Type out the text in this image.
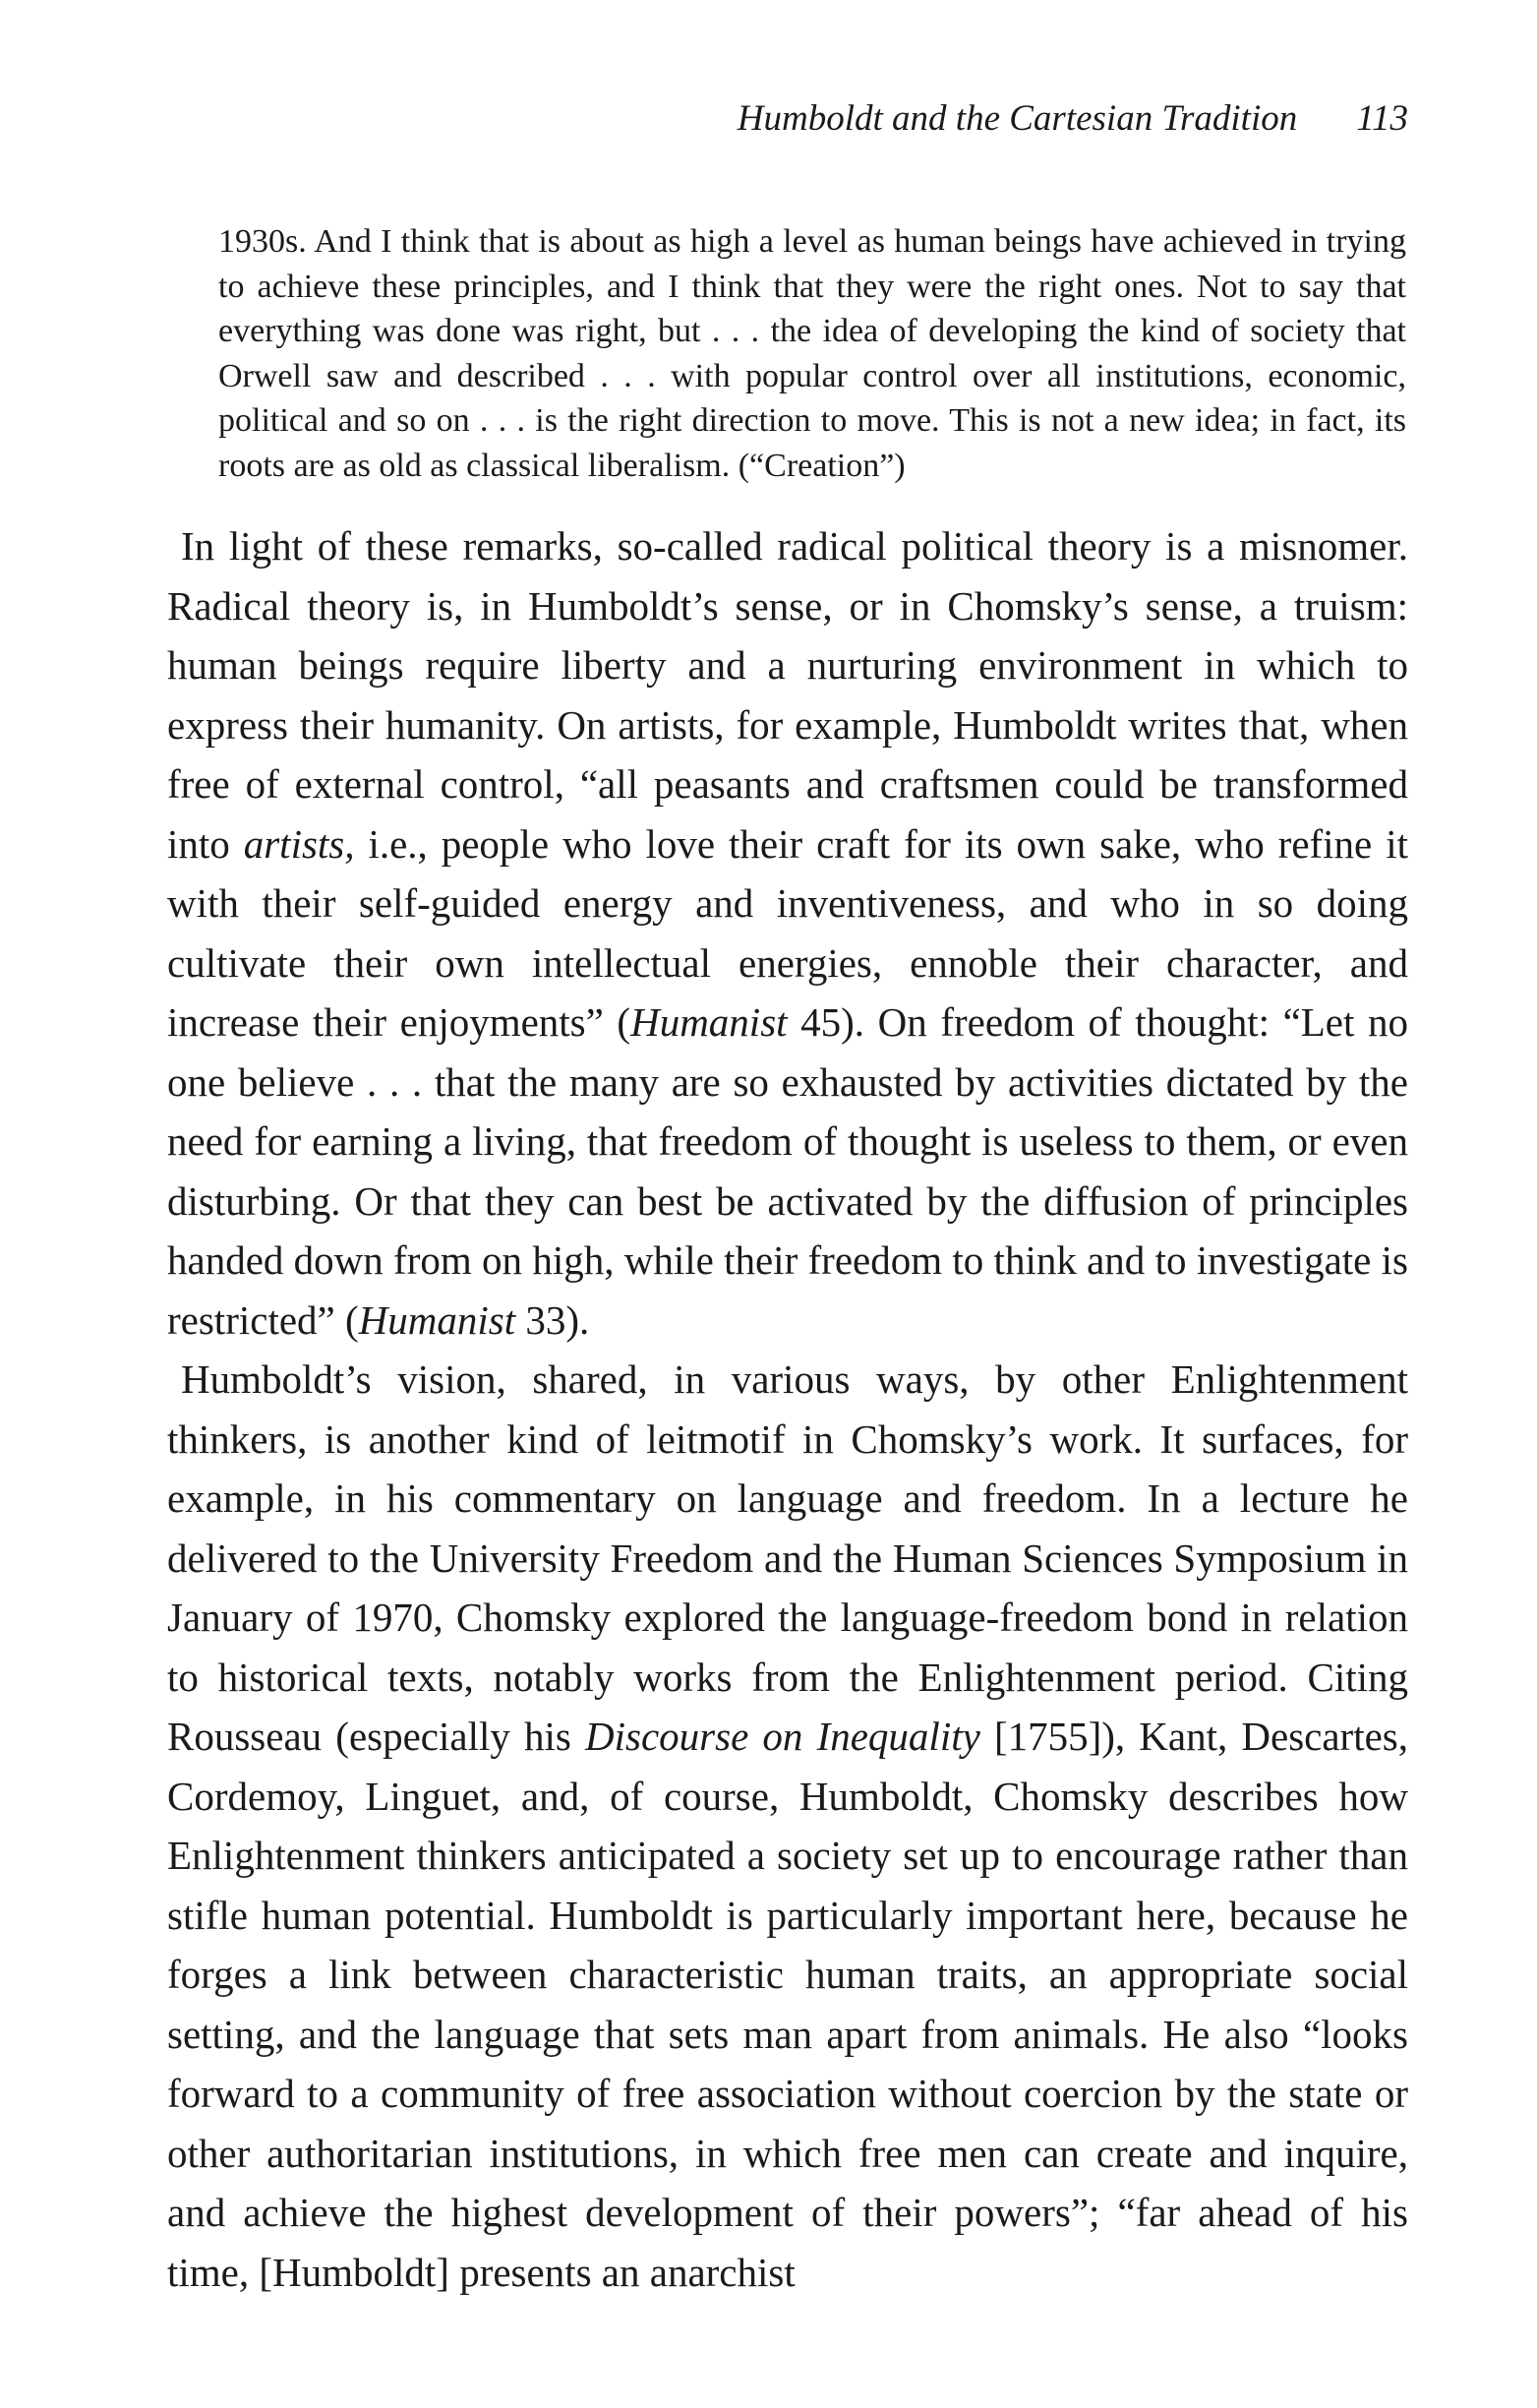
Humboldt and the Cartesian Tradition 113

1930s. And I think that is about as high a level as human beings have achieved in trying to achieve these principles, and I think that they were the right ones. Not to say that everything was done was right, but . . . the idea of developing the kind of society that Orwell saw and described . . . with popular control over all institutions, economic, political and so on . . . is the right direction to move. This is not a new idea; in fact, its roots are as old as classical liberalism. (“Creation”)

In light of these remarks, so-called radical political theory is a misnomer. Radical theory is, in Humboldt’s sense, or in Chomsky’s sense, a truism: human beings require liberty and a nurturing environment in which to express their humanity. On artists, for example, Humboldt writes that, when free of external control, “all peasants and craftsmen could be transformed into artists, i.e., people who love their craft for its own sake, who refine it with their self-guided energy and inventiveness, and who in so doing cultivate their own intellectual energies, ennoble their character, and increase their enjoyments” (Humanist 45). On freedom of thought: “Let no one believe . . . that the many are so exhausted by activities dictated by the need for earning a living, that freedom of thought is useless to them, or even disturbing. Or that they can best be activated by the diffusion of principles handed down from on high, while their freedom to think and to investigate is restricted” (Humanist 33).

Humboldt’s vision, shared, in various ways, by other Enlightenment thinkers, is another kind of leitmotif in Chomsky’s work. It surfaces, for example, in his commentary on language and freedom. In a lecture he delivered to the University Freedom and the Human Sciences Symposium in January of 1970, Chomsky explored the language-freedom bond in relation to historical texts, notably works from the Enlightenment period. Citing Rousseau (especially his Discourse on Inequality [1755]), Kant, Descartes, Cordemoy, Linguet, and, of course, Humboldt, Chomsky describes how Enlightenment thinkers anticipated a society set up to encourage rather than stifle human potential. Humboldt is particularly important here, because he forges a link between characteristic human traits, an appropriate social setting, and the language that sets man apart from animals. He also “looks forward to a community of free association without coercion by the state or other authoritarian institutions, in which free men can create and inquire, and achieve the highest development of their powers”; “far ahead of his time, [Humboldt] presents an anarchist
